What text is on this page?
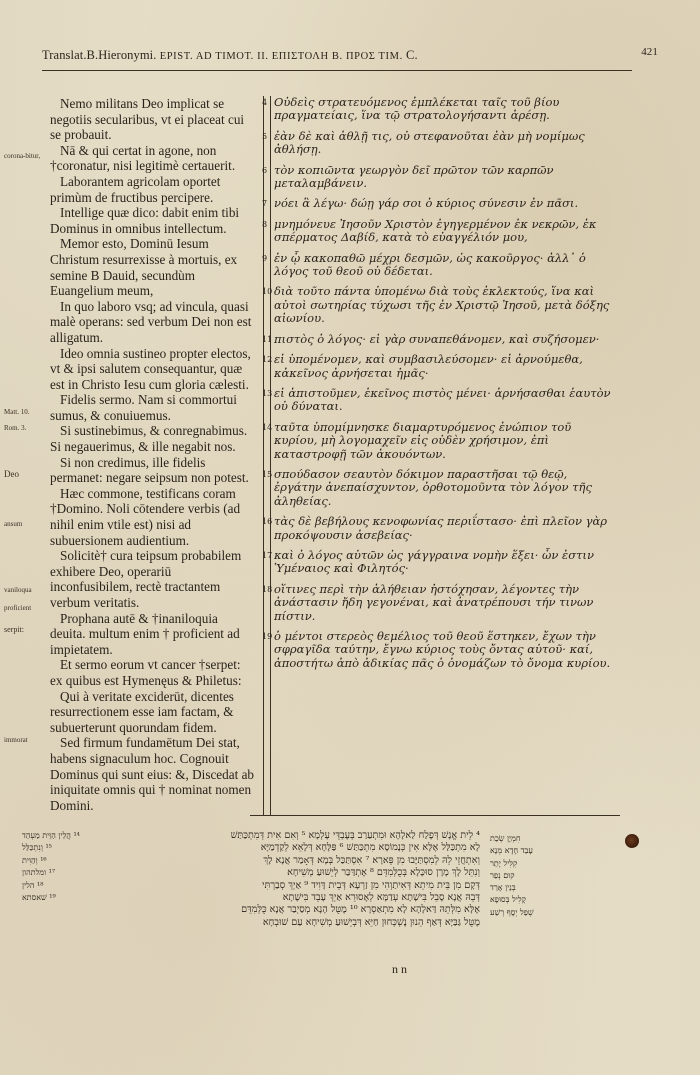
Translat.B.Hieronymi. EPIST. AD TIMOT. II. ΕΠΙΣΤΟΛΗ Β. ΠΡΟΣ ΤΙΜ. C.	421
corona-bitur,
Matt. 10.
Rom. 3.
Deo
ansum
vaniloqua
proficient
serpit:
immorat

Nemo militans Deo implicat se negotiis secularibus, vt ei placeat cui se probauit.

Nā & qui certat in agone, non †coronatur, nisi legitimè certauerit.

Laborantem agricolam oportet primùm de fructibus percipere.

Intellige quæ dico: dabit enim tibi Dominus in omnibus intellectum.

Memor esto, Dominū Iesum Christum resurrexisse à mortuis, ex semine B Dauid, secundùm Euangelium meum,

In quo laboro vsq; ad vincula, quasi malè operans: sed verbum Dei non est alligatum.

Ideo omnia sustineo propter electos, vt & ipsi salutem consequantur, quæ est in Christo Iesu cum gloria cælesti.

Fidelis sermo. Nam si commortui sumus, & conuiuemus.

Si sustinebimus, & conregnabimus. Si negauerimus, & ille negabit nos.

Si non credimus, ille fidelis permanet: negare seipsum non potest.

Hæc commone, testificans coram †Domino. Noli cōtendere verbis (ad nihil enim vtile est) nisi ad subuersionem audientium.

Solicitè† cura teipsum probabilem exhibere Deo, operariū inconfusibilem, rectè tractantem verbum veritatis.

Prophana autē & †inaniloquia deuita. multum enim † proficient ad impietatem.

Et sermo eorum vt cancer †serpet: ex quibus est Hymenęus & Philetus:

Qui à veritate exciderūt, dicentes resurrectionem esse iam factam, & subuerterunt quorundam fidem.

Sed firmum fundamētum Dei stat, habens signaculum hoc. Cognouit Dominus qui sunt eius: &, Discedat ab iniquitate omnis qui † nominat nomen Domini.

4 Οὐδεὶς στρατευόμενος ἐμπλέκεται ταῖς τοῦ βίου πραγματείαις, ἵνα τῷ στρατολογήσαντι ἀρέσῃ.
5 ἐὰν δὲ καὶ ἀθλῇ τις, οὐ στεφανοῦται ἐὰν μὴ νομίμως ἀθλήσῃ.
6 τὸν κοπιῶντα γεωργὸν δεῖ πρῶτον τῶν καρπῶν μεταλαμβάνειν.
7 νόει ἃ λέγω· δώῃ γάρ σοι ὁ κύριος σύνεσιν ἐν πᾶσι.
8 μνημόνευε Ἰησοῦν Χριστὸν ἐγηγερμένον ἐκ νεκρῶν, ἐκ σπέρματος Δαβίδ, κατὰ τὸ εὐαγγέλιόν μου,
9 ἐν ᾧ κακοπαθῶ μέχρι δεσμῶν, ὡς κακοῦργος· ἀλλ᾽ ὁ λόγος τοῦ θεοῦ οὐ δέδεται.
10 διὰ τοῦτο πάντα ὑπομένω διὰ τοὺς ἐκλεκτούς, ἵνα καὶ αὐτοὶ σωτηρίας τύχωσι τῆς ἐν Χριστῷ Ἰησοῦ, μετὰ δόξης αἰωνίου.
11 πιστὸς ὁ λόγος· εἰ γὰρ συναπεθάνομεν, καὶ συζήσομεν·
12 εἰ ὑπομένομεν, καὶ συμβασιλεύσομεν· εἰ ἀρνούμεθα, κἀκεῖνος ἀρνήσεται ἡμᾶς·
13 εἰ ἀπιστοῦμεν, ἐκεῖνος πιστὸς μένει· ἀρνήσασθαι ἑαυτὸν οὐ δύναται.
14 ταῦτα ὑπομίμνησκε διαμαρτυρόμενος ἐνώπιον τοῦ κυρίου, μὴ λογομαχεῖν εἰς οὐδὲν χρήσιμον, ἐπὶ καταστροφῇ τῶν ἀκουόντων.
15 σπούδασον σεαυτὸν δόκιμον παραστῆσαι τῷ θεῷ, ἐργάτην ἀνεπαίσχυντον, ὀρθοτομοῦντα τὸν λόγον τῆς ἀληθείας.
16 τὰς δὲ βεβήλους κενοφωνίας περιΐστασο· ἐπὶ πλεῖον γὰρ προκόψουσιν ἀσεβείας·
17 καὶ ὁ λόγος αὐτῶν ὡς γάγγραινα νομὴν ἕξει· ὧν ἐστιν Ὑμέναιος καὶ Φιλητός·
18 οἵτινες περὶ τὴν ἀλήθειαν ἠστόχησαν, λέγοντες τὴν ἀνάστασιν ἤδη γεγονέναι, καὶ ἀνατρέπουσι τήν τινων πίστιν.
19 ὁ μέντοι στερεὸς θεμέλιος τοῦ θεοῦ ἕστηκεν, ἔχων τὴν σφραγῖδα ταύτην, ἔγνω κύριος τοὺς ὄντας αὐτοῦ· καί, ἀποστήτω ἀπὸ ἀδικίας πᾶς ὁ ὀνομάζων τὸ ὄνομα κυρίου.
¹⁴ הֲלֵין הַוֵּית מַעְהַד
¹⁵ וְנִתְכַּלַּל
¹⁶ וְהַוִּית
¹⁷ ומלתהון
¹⁸ הלין
¹⁹ שׁאסתא
⁴ לֵית אֱנָשׁ דְּפָלַח לַאלָהָא וּמִתְעַרַב בְּעֶבְדֵּי עָלְמָא ⁵ וְאִם אִית דְּמִתְכַּתַּשׁ
לָא מִתְכַּלַּל אֶלָּא אִין כְּנָמוֹסָא מִתְכַּתַּשׁ ⁶ פַּלָּחָא דְּלָאֵא לְקַדְמַיָּא
וְאִתְחֲזֵי לֵהּ לְמִסְתַּיָּבוּ מִן פֵּארָא ⁷ אִסְתַּכַּל בְּמָא דְּאָמַר אֲנָא לָךְ
וְנִתֵּל לָךְ מָרָן סוּכָּלָא בְּכֻלְּמִדֵּם ⁸ אֶתְדַּכַּר לְיֵשׁוּעַ מְשִׁיחָא
דְּקָם מִן בֵּית מִיתֵא דְּאִיתַוְהִי מִן זַרְעָא דְּבֵית דָּוִיד ⁹ אַיְךְ סְבַרְתִּי
דְּבֵהּ אֲנָא סָבֵל בִּישָׁתָא עְדַמָּא לְאֶסוּרֵא אַיְךְ עָבֵד בִּישָׁתָא
אֶלָּא מִלְּתֵהּ דַּאלָהָא לָא מִתְאַסְרָא ¹⁰ מֶטֻּל הָנָא מְסַיְבַר אֲנָא כֻּלְּמִדֵּם
מֶטֻּל גַּבַּיָּא דְּאַף הֵנוּן נֶשְׁכְּחוּן חַיֵּא דְּבְיֵשׁוּעַ מְשִׁיחָא עַם שׁוּבְחָא
חִמְיָן שְׂכַת
עָבַד חָדָא מְנָא
קִלִּיל יָתֵר
קוּם נְפַר
בְּנֵין אָרַד
קָלִיל בְּסוּפָא
שְׁפַל יְסָף רְשַׁע
n n
